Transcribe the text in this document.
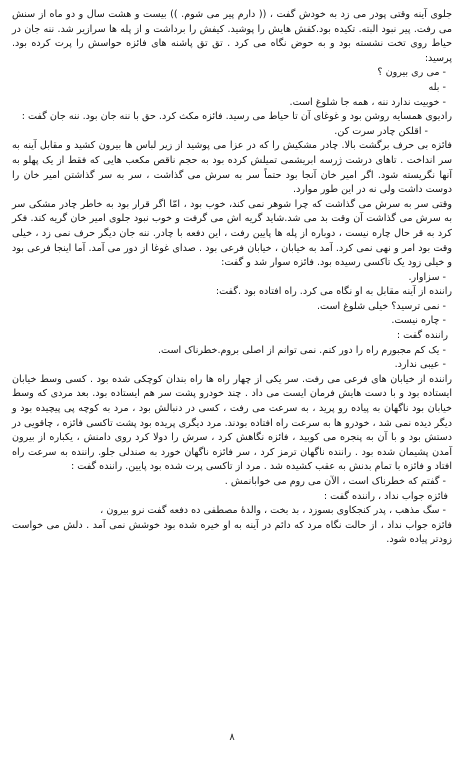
جلوی آینه وقتی پودر می زد به خودش گفت ، (( دارم پیر می شوم. )) بیست و هشت سال و دو ماه از سنش می رفت. پیر نبود البته. تکیده بود.کفش هایش را پوشید. کیفش را برداشت و از پله ها سرازیر شد. ننه جان در حیاط روی تخت نشسته بود و به حوض نگاه می کرد . تق تق پاشنه های فائزه حواسش را پرت کرده بود. پرسید:

- می ری بیرون ؟

- بله

- خوبیت ندارد ننه ، همه جا شلوغ است.

رادیوی همسایه روشن بود و غوغای آن تا حیاط می رسید. فائزه مکث کرد. حق با ننه جان بود. ننه جان گفت :

- اقلکن چادر سرت کن.

فائزه بی حرف برگشت بالا. چادر مشکیش را که در عزا می پوشید از زیر لباس ها بیرون کشید و مقابل آینه به سر انداخت . تاهای درشت ژرسه ابریشمی تمیلش کرده بود به حجم ناقص مکعب هایی که فقط از یک پهلو به آنها نگریسته شود. اگر امیر خان آنجا بود حتماً سر به سرش می گذاشت ، سر به سر گذاشتن امیر خان را دوست داشت ولی نه در این طور موارد.

وقتی سر به سرش می گذاشت که چرا شوهر نمی کند، خوب بود ، امّا اگر قرار بود به خاطر چادر مشکی سر به سرش می گذاشت آن وقت بد می شد.شاید گریه اش می گرفت و خوب نبود جلوی امیر خان گریه کند. فکر کرد به قر حال چاره نیست ، دوباره از پله ها پایین رفت ، این دفعه با چادر. ننه جان دیگر حرف نمی زد ، خیلی وقت بود امر و نهی نمی کرد. آمد به خیابان ، خیابان فرعی بود . صدای غوغا از دور می آمد. آما اینجا فرعی بود و خیلی زود یک تاکسی رسیده بود. فائزه سوار شد و گفت:

- سزاوار.

راننده از آینه مقابل به او نگاه می کرد. راه افتاده بود .گفت:

- نمی ترسید؟ خیلی شلوغ است.

- چاره نیست.

راننده گفت :

- یک کم مجبورم راه را دور کنم. نمی توانم از اصلی بروم.خطرناک است.

- عیبی ندارد.

راننده از خیابان های فرعی می رفت. سر یکی از چهار راه ها راه بندان کوچکی شده بود . کسی وسط خیابان ایستاده بود و با دست هایش فرمان ایست می داد . چند خودرو پشت سر هم ایستاده بود. بعد مردی که وسط خیابان بود ناگهان به پیاده رو پرید ، به سرعت می رفت ، کسی در دنبالش بود ، مرد به کوچه پی پیچیده بود و دیگر دیده نمی شد ، خودرو ها به سرعت راه افتاده بودند. مرد دیگری پریده بود پشت تاکسی فائزه ، چاقویی در دستش بود و با آن به پنجره می کوبید ، فائزه نگاهش کرد ، سرش را دولا کرد روی دامنش ، یکباره از بیرون آمدن پشیمان شده بود . راننده ناگهان ترمز کرد ، سر فائزه ناگهان خورد به صندلی جلو. راننده به سرعت راه افتاد و فائزه با تمام بدنش به عقب کشیده شد . مرد از تاکسی پرت شده بود پایین. راننده گفت :

- گفتم که خطرناک است ، الآن می روم می خوابانمش .

فائزه جواب نداد ، راننده گفت :

- سگ مذهب ، پدر کنجکاوی بسوزد ، بد بخت ، والدهٔ مصطفی ده دفعه گفت نرو بیرون ،

فائزه جواب نداد ، از حالت نگاه مرد که دائم در آینه به او خیره شده بود خوشش نمی آمد . دلش می خواست زودتر پیاده شود.

۸
